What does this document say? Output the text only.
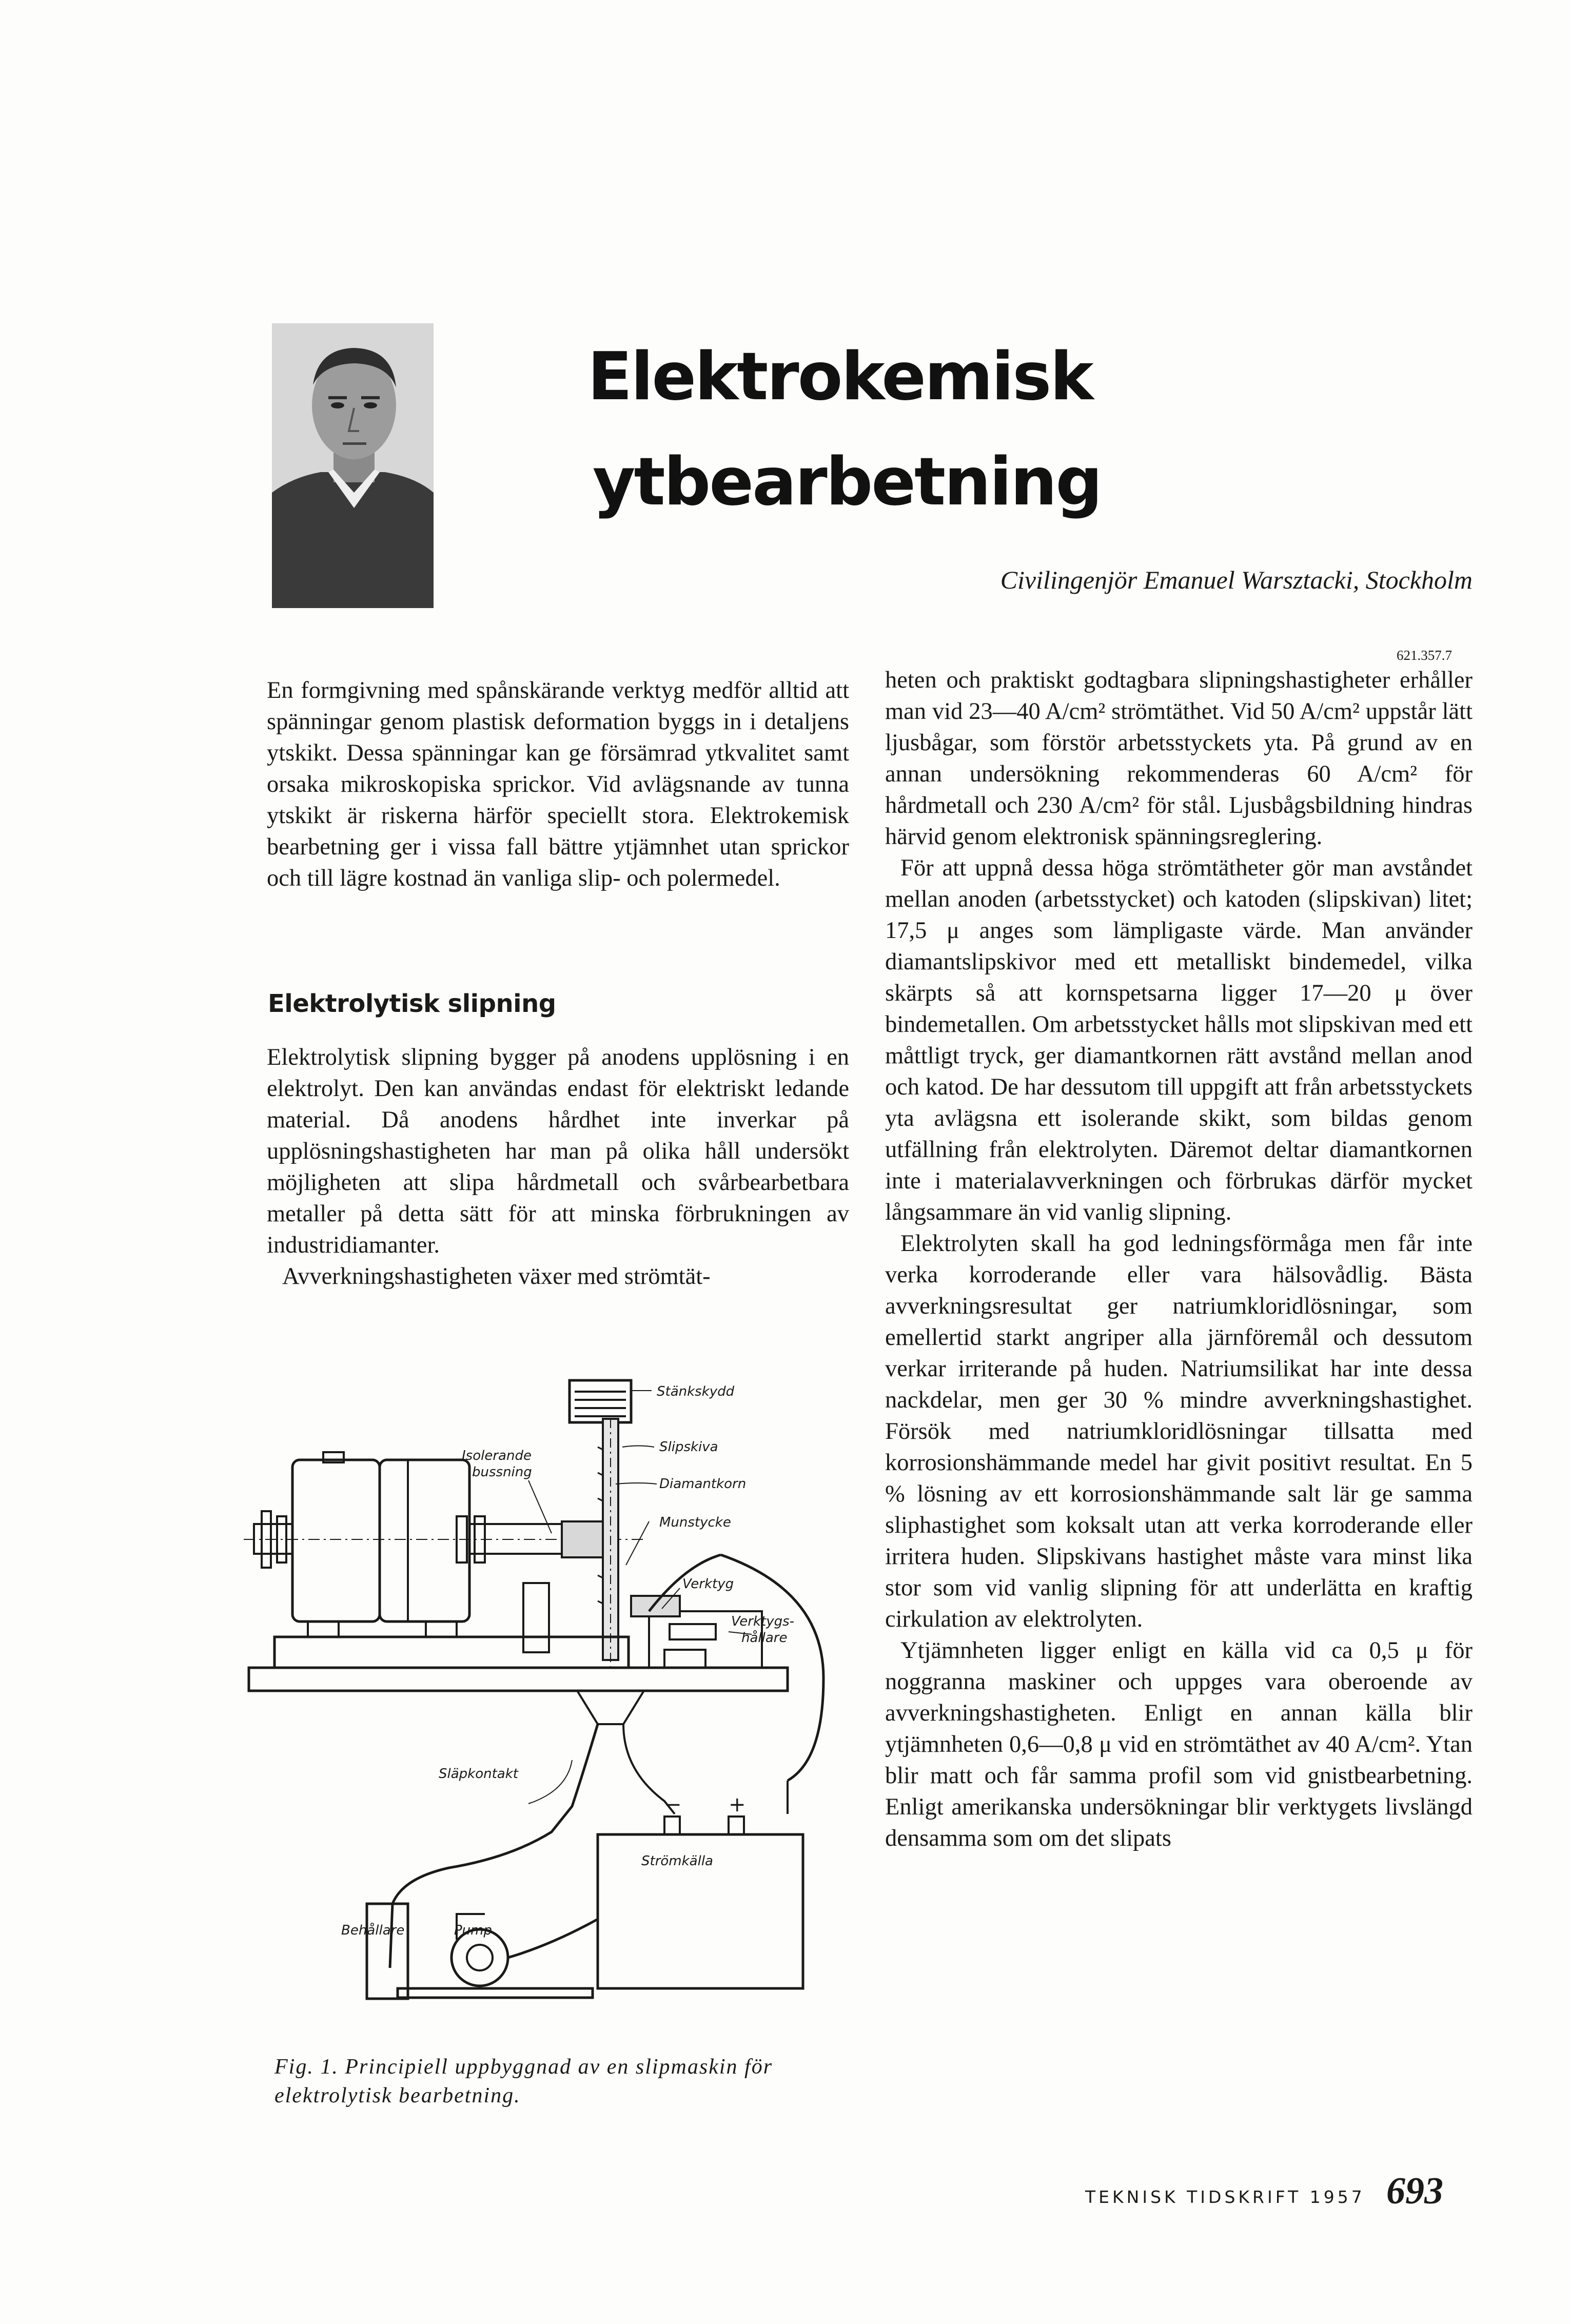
Elektrokemisk
ytbearbetning
Civilingenjör Emanuel Warsztacki, Stockholm
621.357.7

En formgivning med spånskärande verktyg medför alltid att spänningar genom plastisk deformation byggs in i detaljens ytskikt. Dessa spänningar kan ge försämrad ytkvalitet samt orsaka mikroskopiska sprickor. Vid avlägsnande av tunna ytskikt är riskerna härför speciellt stora. Elektrokemisk bearbetning ger i vissa fall bättre ytjämnhet utan sprickor och till lägre kostnad än vanliga slip- och polermedel.

Elektrolytisk slipning

Elektrolytisk slipning bygger på anodens upplösning i en elektrolyt. Den kan användas endast för elektriskt ledande material. Då anodens hårdhet inte inverkar på upplösningshastigheten har man på olika håll undersökt möjligheten att slipa hårdmetall och svårbearbetbara metaller på detta sätt för att minska förbrukningen av industridiamanter.

Avverkningshastigheten växer med strömtät-

Stänkskydd
Isolerande
bussning
Slipskiva
Diamantkorn
Munstycke
Verktyg
Verktygs-
hållare
Släpkontakt
− +
Strömkälla
Behållare	Pump
Fig. 1. Principiell uppbyggnad av en slipmaskin för elektrolytisk bearbetning.

heten och praktiskt godtagbara slipningshastigheter erhåller man vid 23—40 A/cm² strömtäthet. Vid 50 A/cm² uppstår lätt ljusbågar, som förstör arbetsstyckets yta. På grund av en annan undersökning rekommenderas 60 A/cm² för hårdmetall och 230 A/cm² för stål. Ljusbågsbildning hindras härvid genom elektronisk spänningsreglering.

För att uppnå dessa höga strömtätheter gör man avståndet mellan anoden (arbetsstycket) och katoden (slipskivan) litet; 17,5 μ anges som lämpligaste värde. Man använder diamantslipskivor med ett metalliskt bindemedel, vilka skärpts så att kornspetsarna ligger 17—20 μ över bindemetallen. Om arbetsstycket hålls mot slipskivan med ett måttligt tryck, ger diamantkornen rätt avstånd mellan anod och katod. De har dessutom till uppgift att från arbetsstyckets yta avlägsna ett isolerande skikt, som bildas genom utfällning från elektrolyten. Däremot deltar diamantkornen inte i materialavverkningen och förbrukas därför mycket långsammare än vid vanlig slipning.

Elektrolyten skall ha god ledningsförmåga men får inte verka korroderande eller vara hälsovådlig. Bästa avverkningsresultat ger natriumkloridlösningar, som emellertid starkt angriper alla järnföremål och dessutom verkar irriterande på huden. Natriumsilikat har inte dessa nackdelar, men ger 30 % mindre avverkningshastighet. Försök med natriumkloridlösningar tillsatta med korrosionshämmande medel har givit positivt resultat. En 5 % lösning av ett korrosionshämmande salt lär ge samma sliphastighet som koksalt utan att verka korroderande eller irritera huden. Slipskivans hastighet måste vara minst lika stor som vid vanlig slipning för att underlätta en kraftig cirkulation av elektrolyten.

Ytjämnheten ligger enligt en källa vid ca 0,5 μ för noggranna maskiner och uppges vara oberoende av avverkningshastigheten. Enligt en annan källa blir ytjämnheten 0,6—0,8 μ vid en strömtäthet av 40 A/cm². Ytan blir matt och får samma profil som vid gnistbearbetning. Enligt amerikanska undersökningar blir verktygets livslängd densamma som om det slipats

TEKNISK TIDSKRIFT 1957 693
